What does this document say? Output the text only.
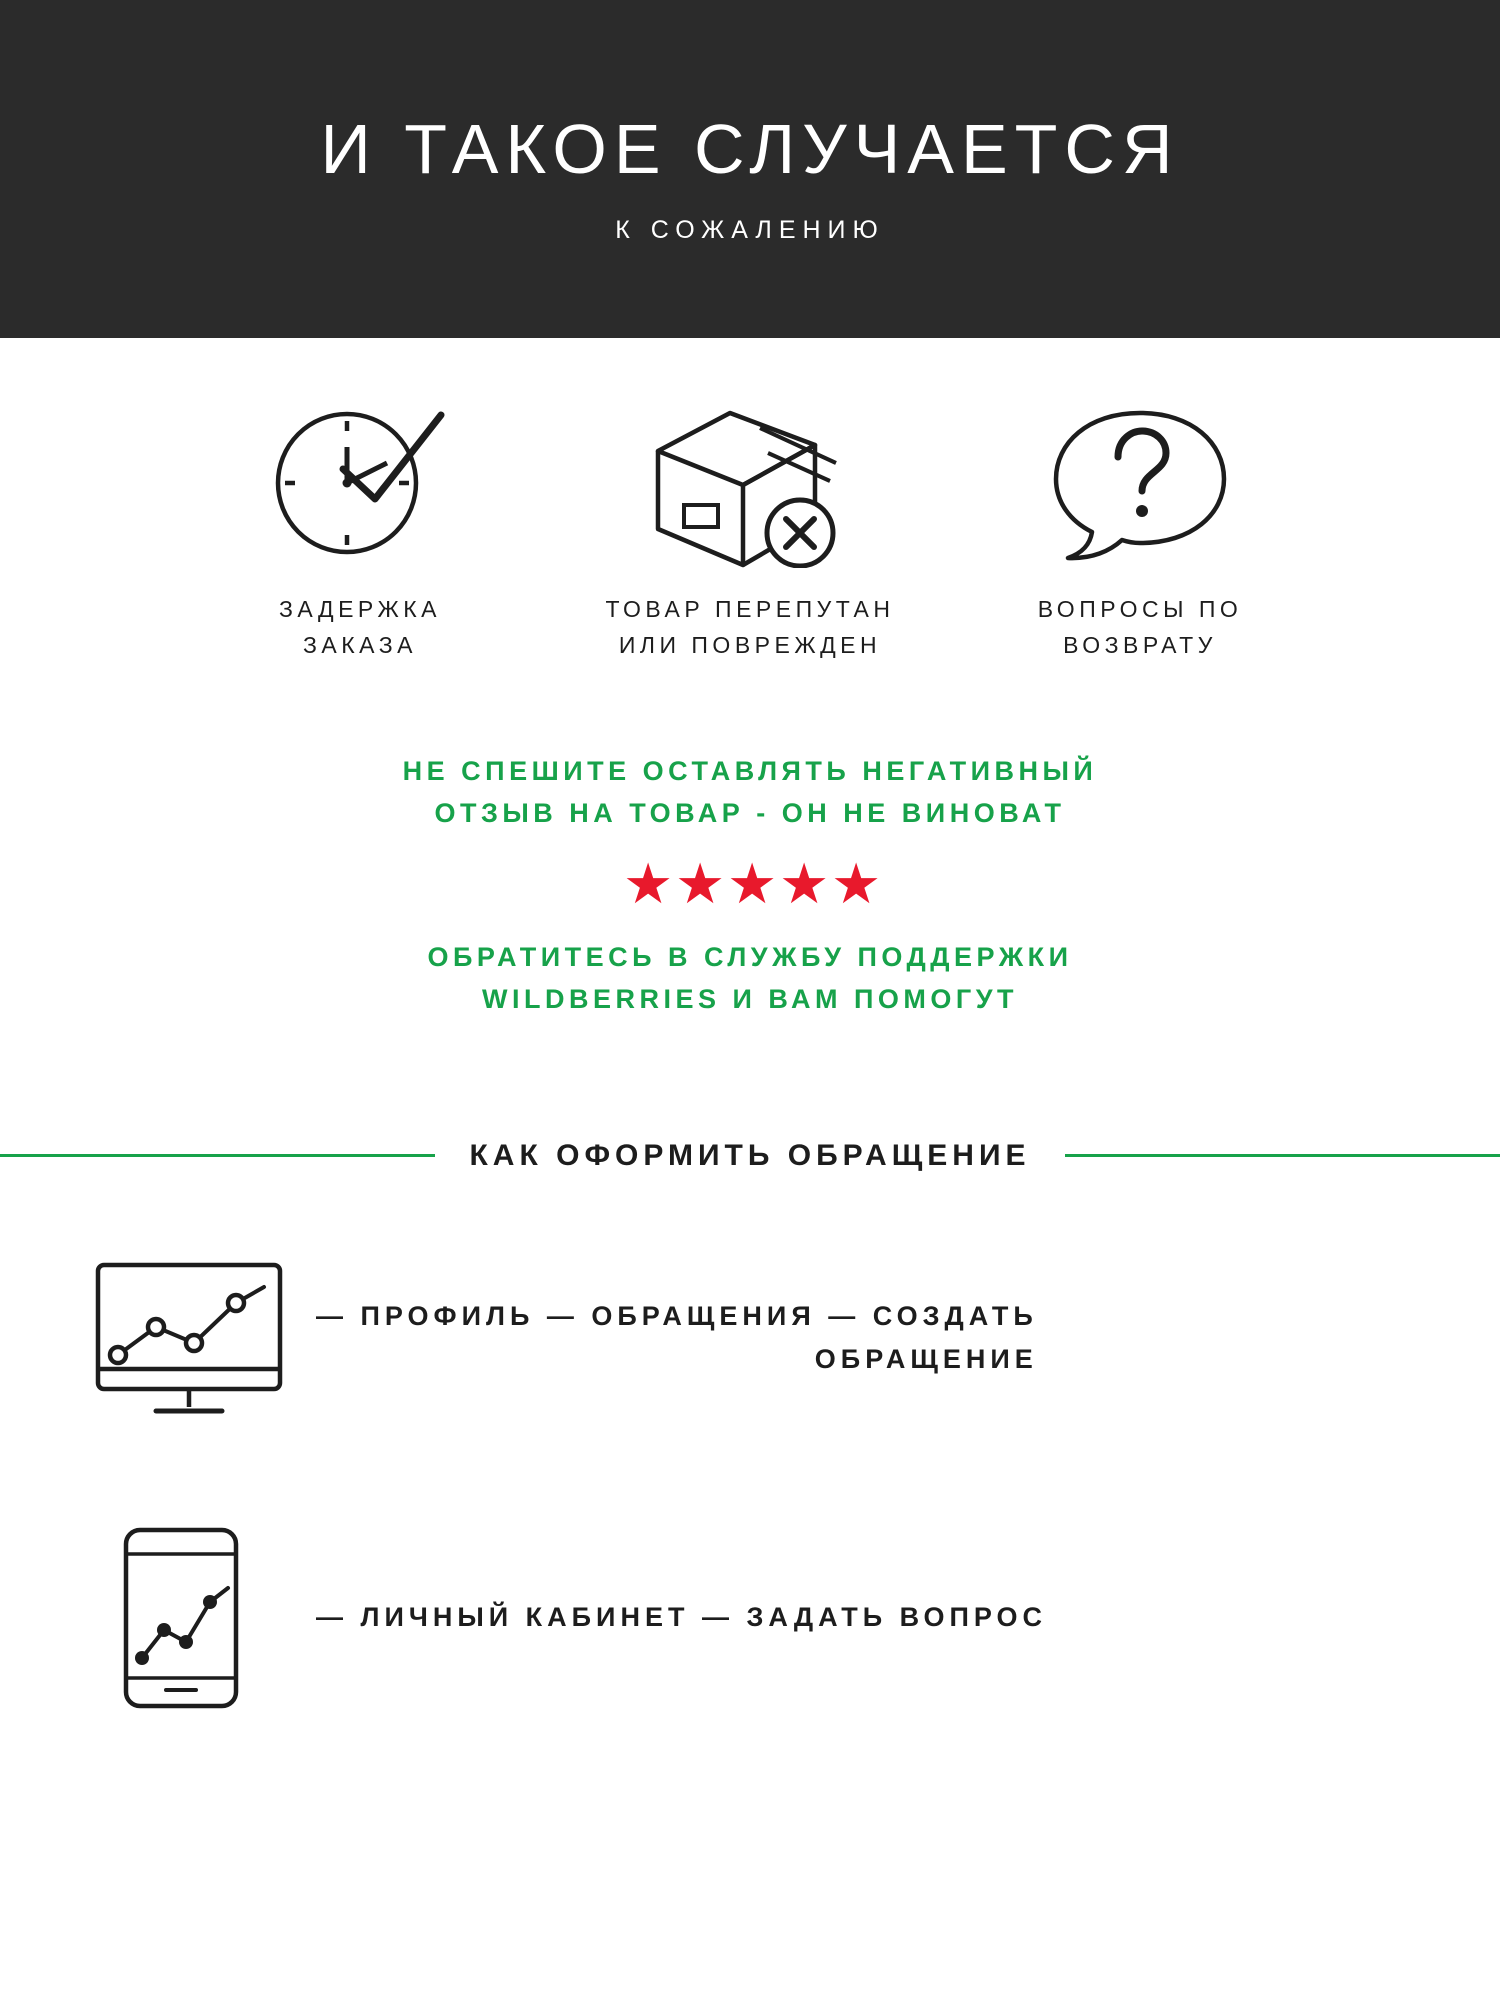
И ТАКОЕ СЛУЧАЕТСЯ
К СОЖАЛЕНИЮ
ЗАДЕРЖКА
ЗАКАЗА
ТОВАР ПЕРЕПУТАН
ИЛИ ПОВРЕЖДЕН
ВОПРОСЫ ПО
ВОЗВРАТУ
НЕ СПЕШИТЕ ОСТАВЛЯТЬ НЕГАТИВНЫЙ
ОТЗЫВ НА ТОВАР - ОН НЕ ВИНОВАТ
★ ★ ★ ★ ★
ОБРАТИТЕСЬ В СЛУЖБУ ПОДДЕРЖКИ
WILDBERRIES И ВАМ ПОМОГУТ
КАК ОФОРМИТЬ ОБРАЩЕНИЕ
— ПРОФИЛЬ — ОБРАЩЕНИЯ — СОЗДАТЬ
ОБРАЩЕНИЕ
— ЛИЧНЫЙ КАБИНЕТ — ЗАДАТЬ ВОПРОС
